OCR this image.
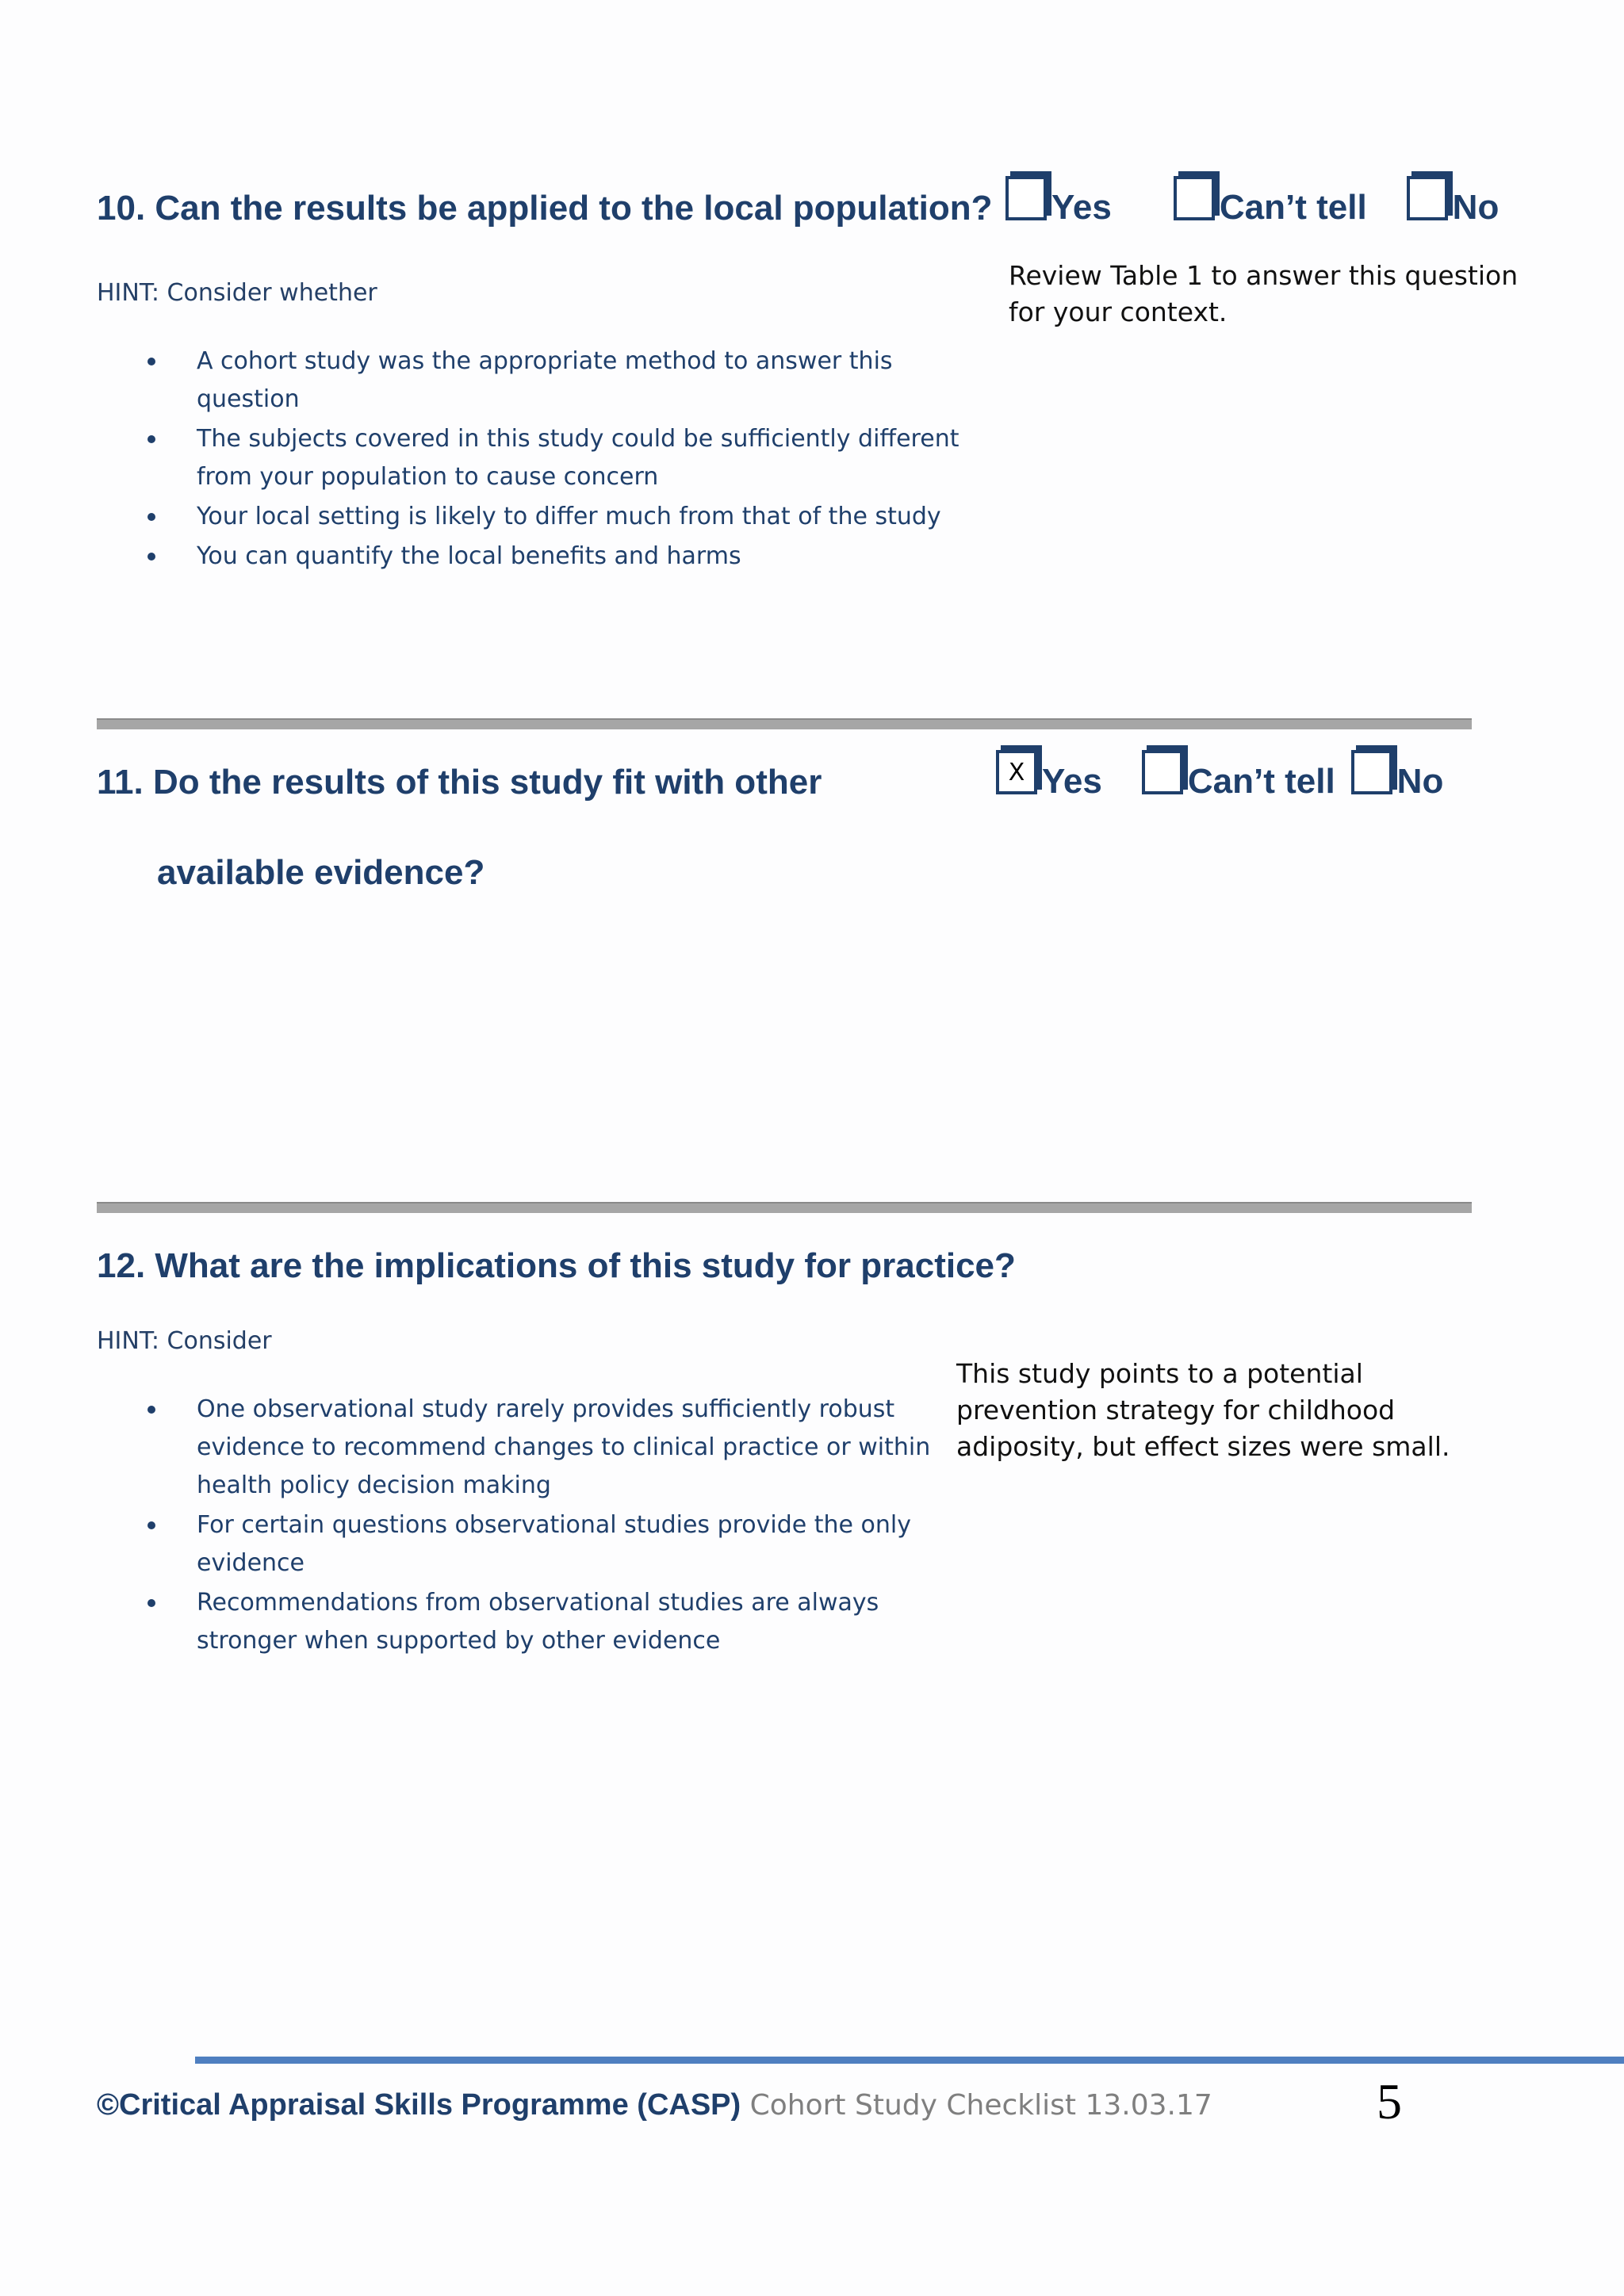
10. Can the results be applied to the local population? Yes	Can’t tell No
HINT: Consider whether
A cohort study was the appropriate method to answer this question
The subjects covered in this study could be sufficiently different from your population to cause concern
Your local setting is likely to differ much from that of the study
You can quantify the local benefits and harms
Review Table 1 to answer this question for your context.
11. Do the results of this study fit with other
available evidence?
X Yes Can’t tell No
12. What are the implications of this study for practice?
HINT: Consider
One observational study rarely provides sufficiently robust evidence to recommend changes to clinical practice or within health policy decision making
For certain questions observational studies provide the only evidence
Recommendations from observational studies are always stronger when supported by other evidence
This study points to a potential prevention strategy for childhood adiposity, but effect sizes were small.
©Critical Appraisal Skills Programme (CASP) Cohort Study Checklist 13.03.17	5
